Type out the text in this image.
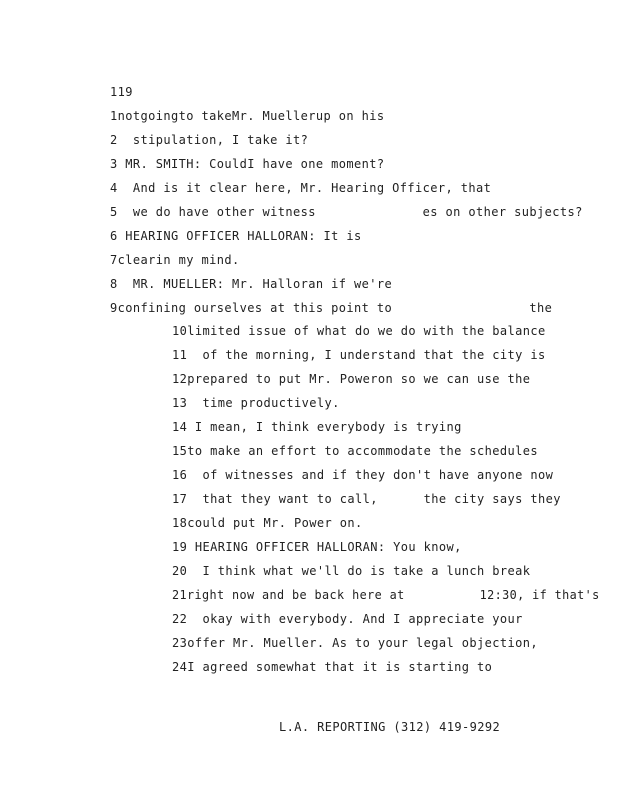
119
1notgoingto takeMr. Muellerup on his
2  stipulation, I take it?
3 MR. SMITH: CouldI have one moment?
4  And is it clear here, Mr. Hearing Officer, that
5  we do have other witness              es on other subjects?
6 HEARING OFFICER HALLORAN: It is
7clearin my mind.
8  MR. MUELLER: Mr. Halloran if we're
9confining ourselves at this point to                  the
10limited issue of what do we do with the balance
11  of the morning, I understand that the city is
12prepared to put Mr. Poweron so we can use the
13  time productively.
14 I mean, I think everybody is trying
15to make an effort to accommodate the schedules
16  of witnesses and if they don't have anyone now
17  that they want to call,      the city says they
18could put Mr. Power on.
19 HEARING OFFICER HALLORAN: You know,
20  I think what we'll do is take a lunch break
21right now and be back here at          12:30, if that's
22  okay with everybody. And I appreciate your
23offer Mr. Mueller. As to your legal objection,
24I agreed somewhat that it is starting to
L.A. REPORTING (312) 419-9292
